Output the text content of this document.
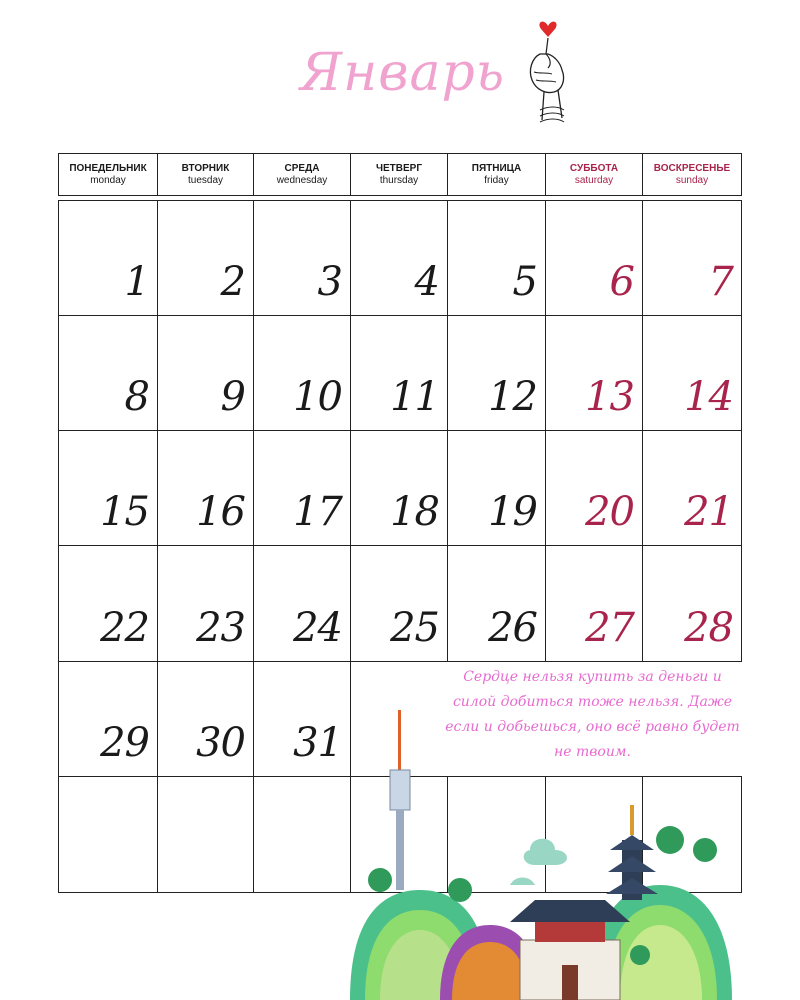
Январь
ПОНЕДЕЛЬНИК
monday
ВТОРНИК
tuesday
СРЕДА
wednesday
ЧЕТВЕРГ
thursday
ПЯТНИЦА
friday
СУББОТА
saturday
ВОСКРЕСЕНЬЕ
sunday
1 2 3 4 5 6 7
8 9 10 11 12 13 14
15 16 17 18 19 20 21
22 23 24 25 26 27 28
29 30 31
Сердце нельзя купить за деньги и силой добиться тоже нельзя. Даже если и добьешься, оно всё равно будет не твоим.
